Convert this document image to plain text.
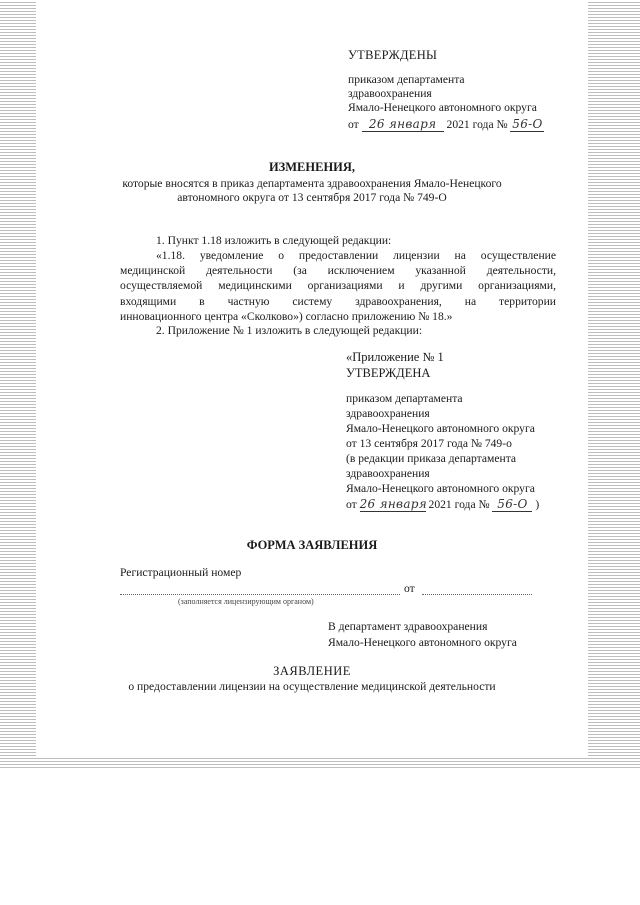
УТВЕРЖДЕНЫ
приказом департамента
здравоохранения
Ямало-Ненецкого автономного округа
от 26 января 2021 года № 56-О
ИЗМЕНЕНИЯ,
которые вносятся в приказ департамента здравоохранения Ямало-Ненецкого
автономного округа от 13 сентября 2017 года № 749-О
1. Пункт 1.18 изложить в следующей редакции:
«1.18. уведомление о предоставлении лицензии на осуществление
медицинской деятельности (за исключением указанной деятельности,
осуществляемой медицинскими организациями и другими организациями,
входящими в частную систему здравоохранения, на территории
инновационного центра «Сколково») согласно приложению № 18.»
2. Приложение № 1 изложить в следующей редакции:
«Приложение № 1
УТВЕРЖДЕНА
приказом департамента
здравоохранения
Ямало-Ненецкого автономного округа
от 13 сентября 2017 года № 749-о
(в редакции приказа департамента
здравоохранения
Ямало-Ненецкого автономного округа
от 26 января 2021 года № 56-О )
ФОРМА ЗАЯВЛЕНИЯ
Регистрационный номер
от
(заполняется лицензирующим органом)
В департамент здравоохранения
Ямало-Ненецкого автономного округа
ЗАЯВЛЕНИЕ
о предоставлении лицензии на осуществление медицинской деятельности
